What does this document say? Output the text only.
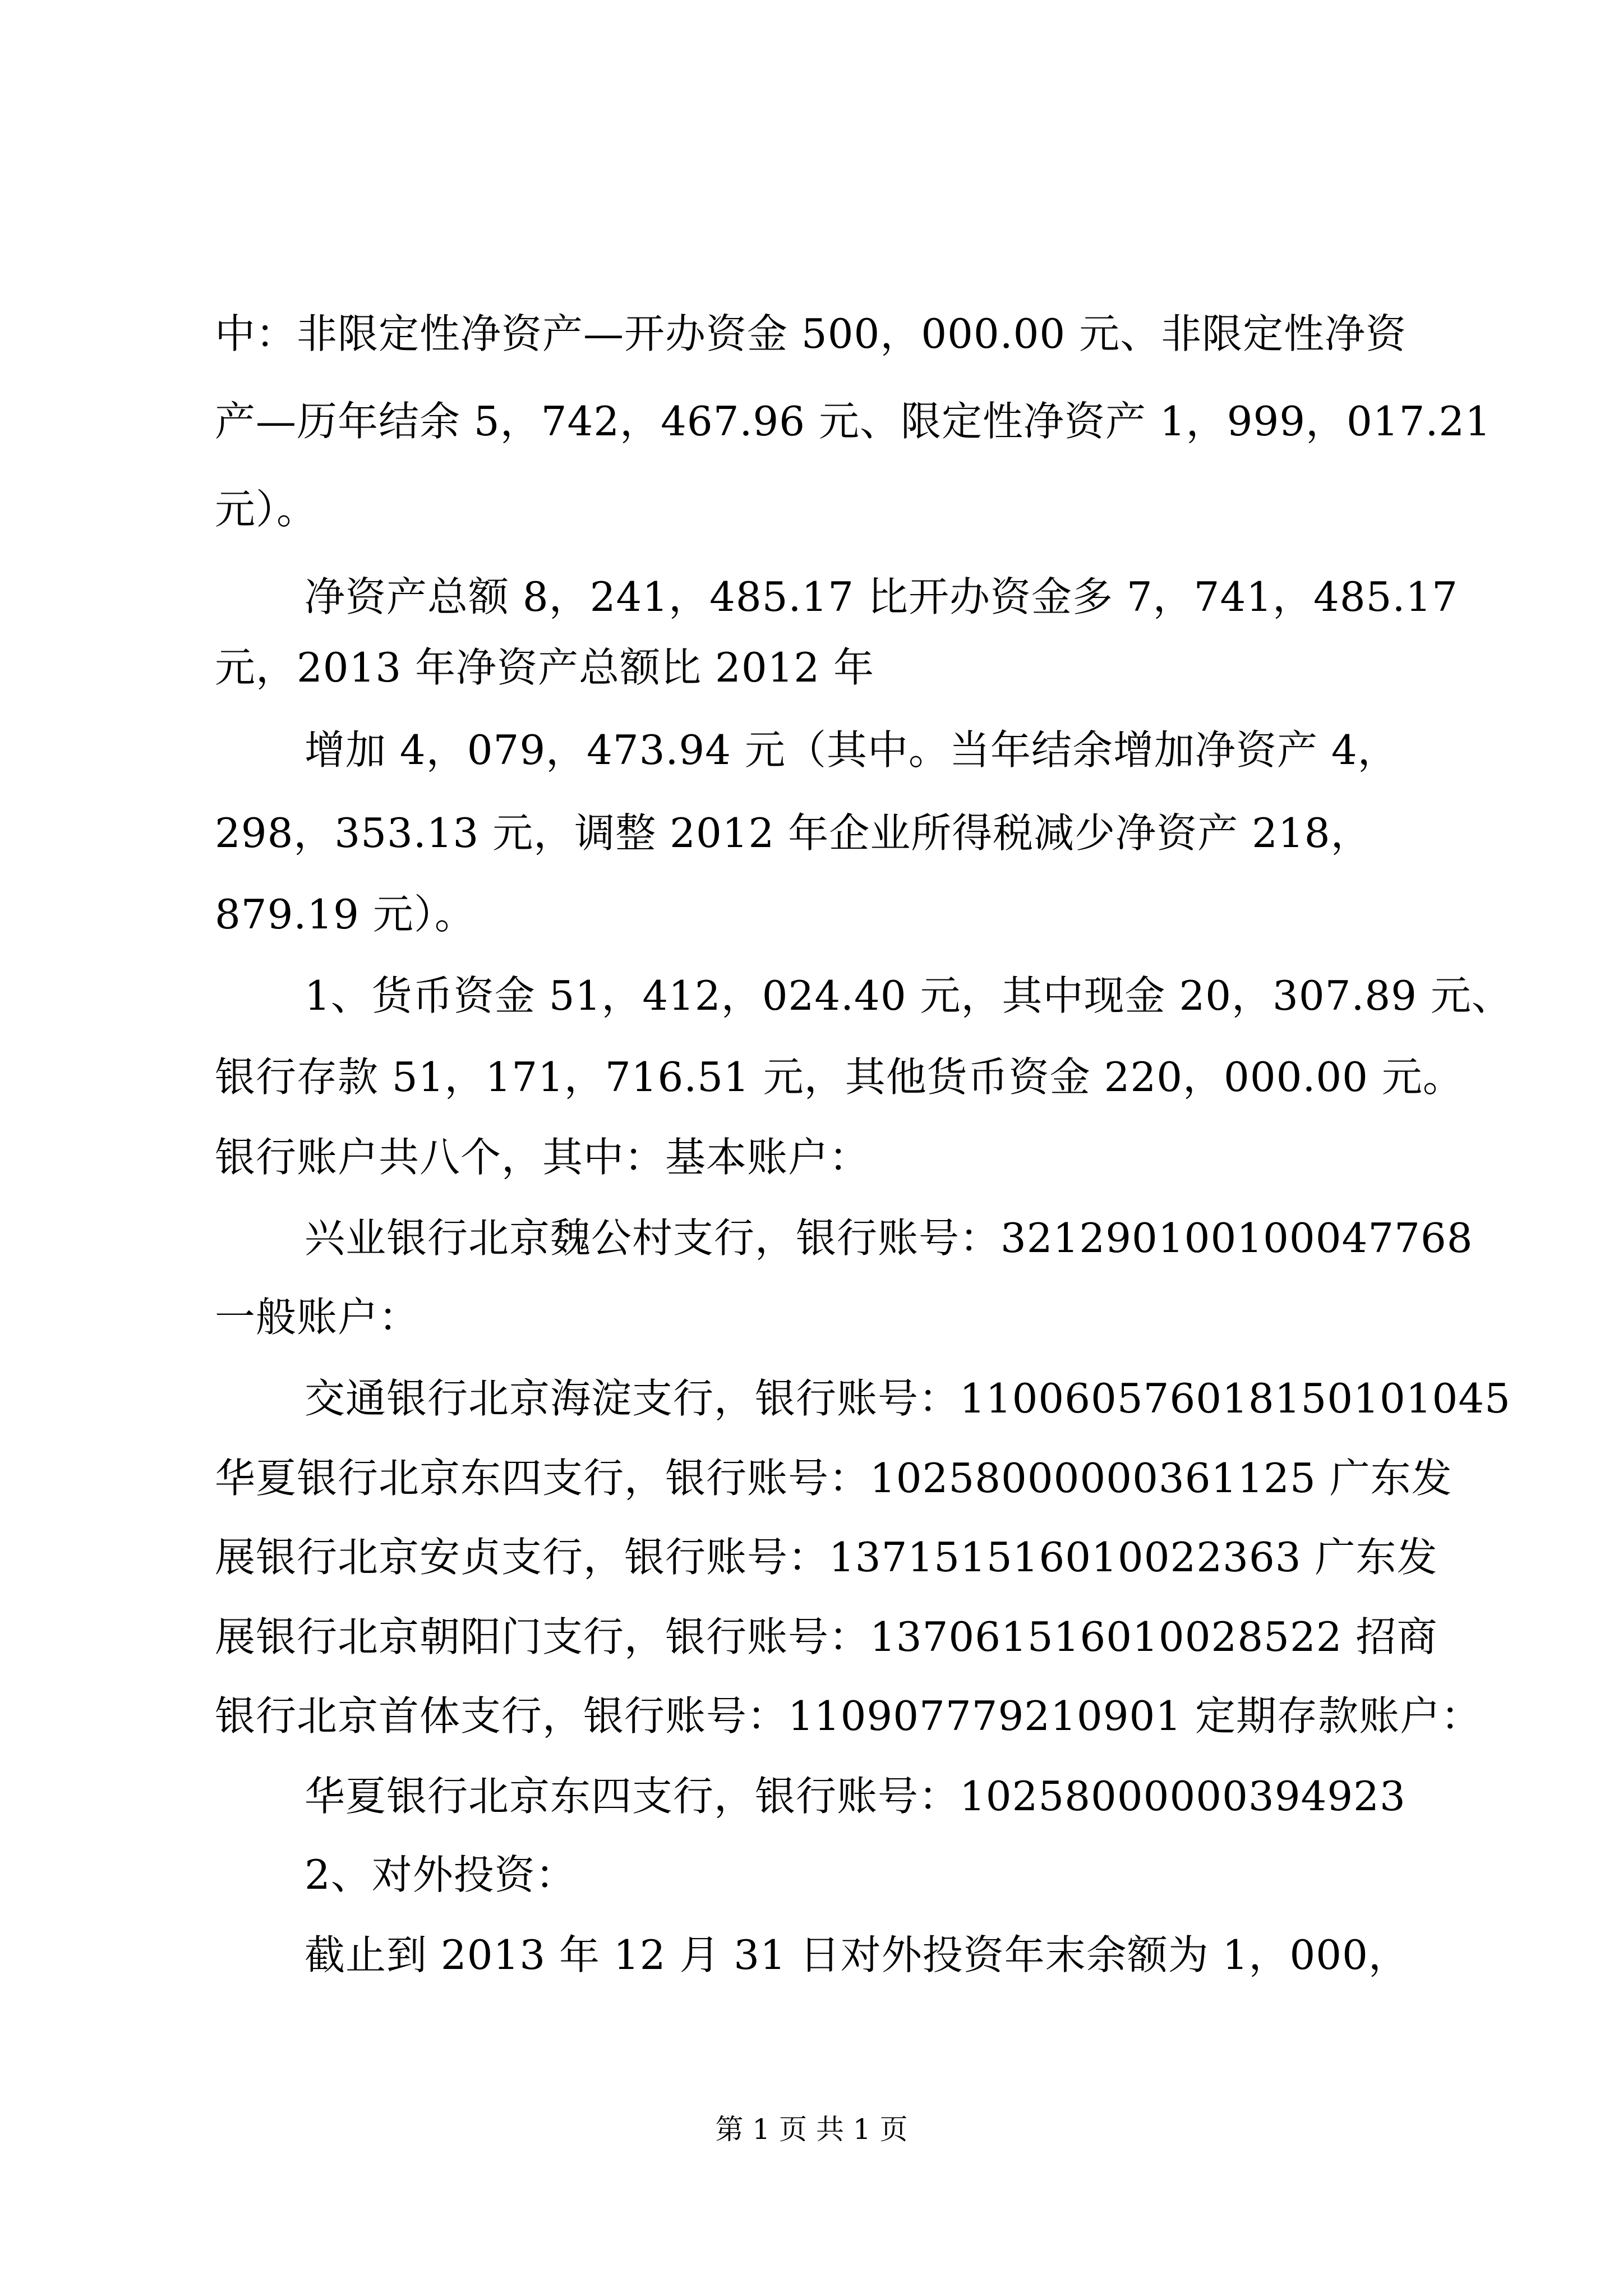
中：非限定性净资产—开办资金 500，000.00 元、非限定性净资
产—历年结余 5，742，467.96 元、限定性净资产 1，999，017.21
元）。
净资产总额 8，241，485.17 比开办资金多 7，741，485.17
元，2013 年净资产总额比 2012 年
增加 4，079，473.94 元（其中。当年结余增加净资产 4，
298，353.13 元，调整 2012 年企业所得税减少净资产 218，
879.19 元）。
1、货币资金 51，412，024.40 元，其中现金 20，307.89 元、
银行存款 51，171，716.51 元，其他货币资金 220，000.00 元。
银行账户共八个，其中：基本账户：
兴业银行北京魏公村支行，银行账号：321290100100047768
一般账户：
交通银行北京海淀支行，银行账号：110060576018150101045
华夏银行北京东四支行，银行账号：10258000000361125 广东发
展银行北京安贞支行，银行账号：137151516010022363 广东发
展银行北京朝阳门支行，银行账号：137061516010028522 招商
银行北京首体支行，银行账号：110907779210901 定期存款账户：
华夏银行北京东四支行，银行账号：10258000000394923
2、对外投资：
截止到 2013 年 12 月 31 日对外投资年末余额为 1，000，
第 1 页 共 1 页
